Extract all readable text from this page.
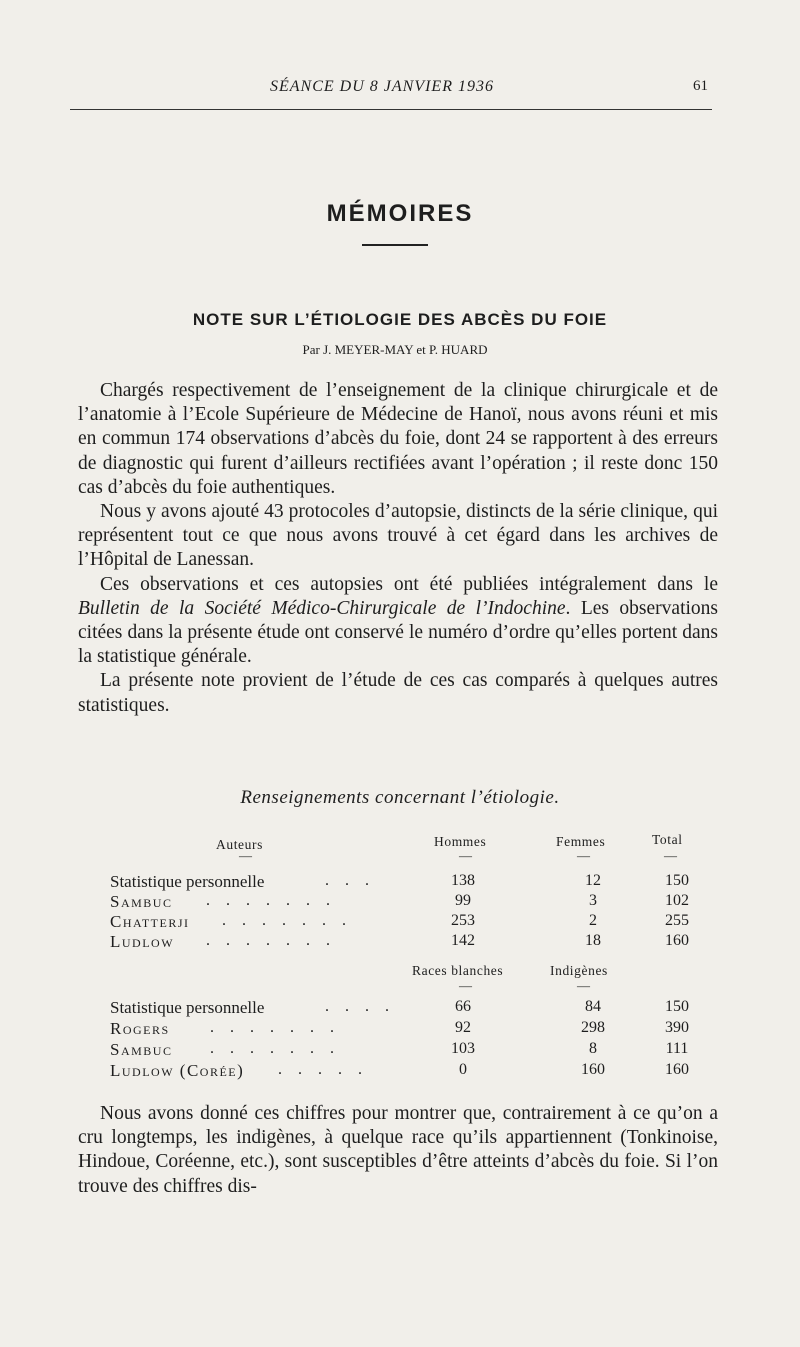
SÉANCE DU 8 JANVIER 1936	61
MÉMOIRES
NOTE SUR L’ÉTIOLOGIE DES ABCÈS DU FOIE
Par J. MEYER-MAY et P. HUARD

Chargés respectivement de l’enseignement de la clinique chirurgicale et de l’anatomie à l’Ecole Supérieure de Médecine de Hanoï, nous avons réuni et mis en commun 174 observations d’abcès du foie, dont 24 se rapportent à des erreurs de diagnostic qui furent d’ailleurs rectifiées avant l’opération ; il reste donc 150 cas d’abcès du foie authentiques.

Nous y avons ajouté 43 protocoles d’autopsie, distincts de la série clinique, qui représentent tout ce que nous avons trouvé à cet égard dans les archives de l’Hôpital de Lanessan.

Ces observations et ces autopsies ont été publiées intégralement dans le Bulletin de la Société Médico-Chirurgicale de l’Indochine. Les observations citées dans la présente étude ont conservé le numéro d’ordre qu’elles portent dans la statistique générale.

La présente note provient de l’étude de ces cas comparés à quelques autres statistiques.

Renseignements concernant l’étiologie.
Auteurs	Hommes	Femmes	Total
—	—	—	—
Statistique personnelle	. . .	138	12	150
Sambuc . . . . . . .	99	3	102
Chatterji . . . . . . .	253	2	255
Ludlow . . . . . . .	142	18	160
Races blanches	Indigènes
—	—
Statistique personnelle	. . . .	66	84	150
Rogers	. . . . . . .	92	298	390
Sambuc . . . . . . .	103	8	111
Ludlow (Corée) . . . . .	0	160	160

Nous avons donné ces chiffres pour montrer que, contrairement à ce qu’on a cru longtemps, les indigènes, à quelque race qu’ils appartiennent (Tonkinoise, Hindoue, Coréenne, etc.), sont susceptibles d’être atteints d’abcès du foie. Si l’on trouve des chiffres dis-
